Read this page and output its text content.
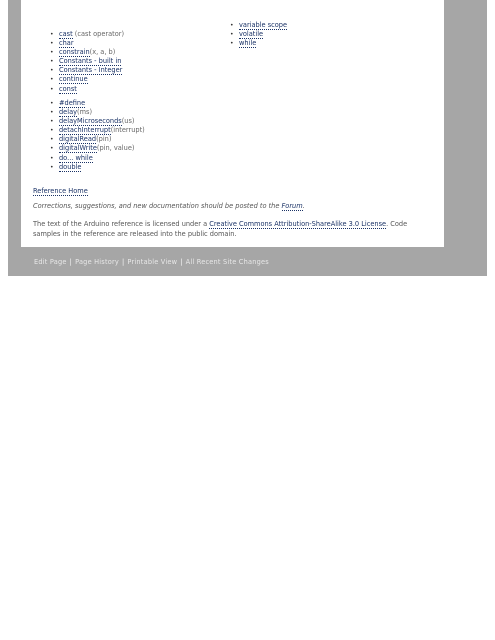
• cast (cast operator)
• char
• constrain(x, a, b)
• Constants - built in
• Constants - Integer
• continue
• const
• #define
• delay(ms)
• delayMicroseconds(us)
• detachInterrupt(interrupt)
• digitalRead(pin)
• digitalWrite(pin, value)
• do... while
• double
• variable scope
• volatile
• while
Reference Home
Corrections, suggestions, and new documentation should be posted to the Forum.
The text of the Arduino reference is licensed under a Creative Commons Attribution-ShareAlike 3.0 License. Code samples in the reference are released into the public domain.
Edit Page | Page History | Printable View | All Recent Site Changes
